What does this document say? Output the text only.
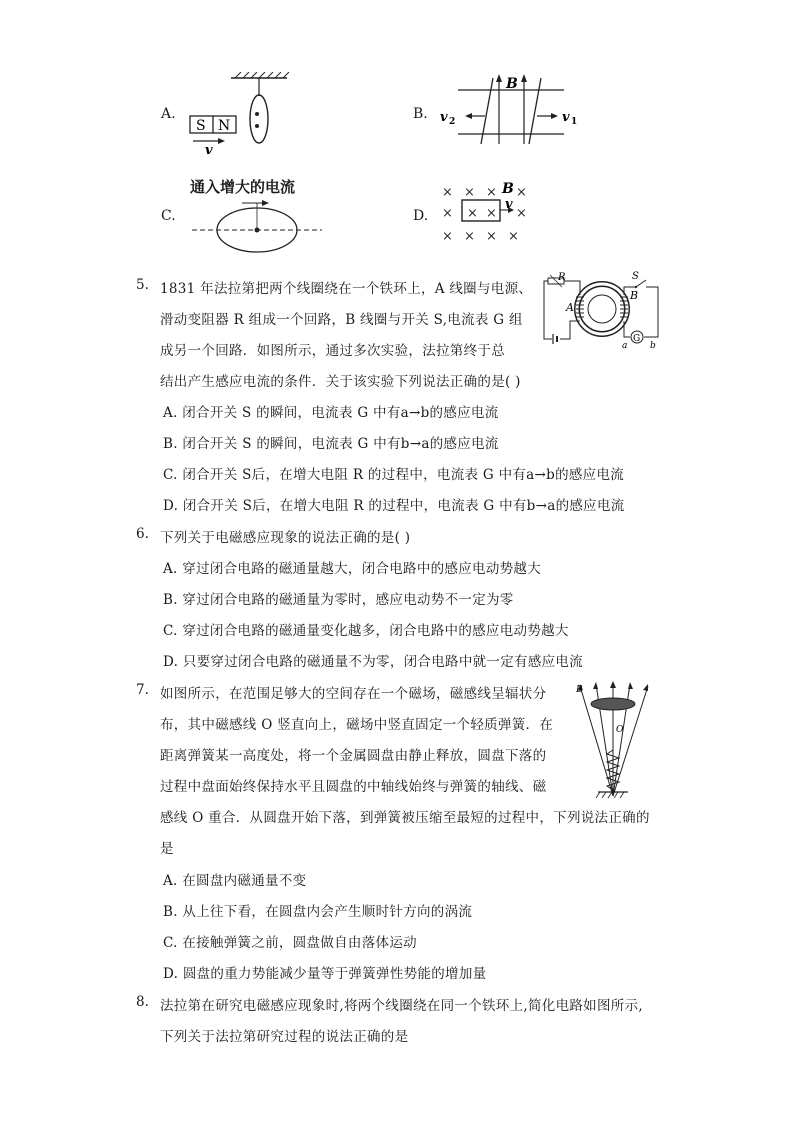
A.
S N
v
B.
B
v 2	v 1
C.
通入增大的电流
D.
× × × ×
×	×
× × × ×
× ×
B
v
5. 1831 年法拉第把两个线圈绕在一个铁环上，A 线圈与电源、
滑动变阻器 R 组成一个回路，B 线圈与开关 S,电流表 G 组
成另一个回路．如图所示，通过多次实验，法拉第终于总
结出产生感应电流的条件．关于该实验下列说法正确的是( )
A. 闭合开关 S 的瞬间，电流表 G 中有a→b的感应电流
B. 闭合开关 S 的瞬间，电流表 G 中有b→a的感应电流
C. 闭合开关 S后，在增大电阻 R 的过程中，电流表 G 中有a→b的感应电流
D. 闭合开关 S后，在增大电阻 R 的过程中，电流表 G 中有b→a的感应电流
A
B
R	S
G
a	b
6. 下列关于电磁感应现象的说法正确的是( )
A. 穿过闭合电路的磁通量越大，闭合电路中的感应电动势越大
B. 穿过闭合电路的磁通量为零时，感应电动势不一定为零
C. 穿过闭合电路的磁通量变化越多，闭合电路中的感应电动势越大
D. 只要穿过闭合电路的磁通量不为零，闭合电路中就一定有感应电流
7. 如图所示，在范围足够大的空间存在一个磁场，磁感线呈辐状分
布，其中磁感线 O 竖直向上，磁场中竖直固定一个轻质弹簧．在
距离弹簧某一高度处，将一个金属圆盘由静止释放，圆盘下落的
过程中盘面始终保持水平且圆盘的中轴线始终与弹簧的轴线、磁
感线 O 重合．从圆盘开始下落，到弹簧被压缩至最短的过程中，下列说法正确的
是
A. 在圆盘内磁通量不变
B. 从上往下看，在圆盘内会产生顺时针方向的涡流
C. 在接触弹簧之前，圆盘做自由落体运动
D. 圆盘的重力势能减少量等于弹簧弹性势能的增加量
B
O
8. 法拉第在研究电磁感应现象时,将两个线圈绕在同一个铁环上,简化电路如图所示,
下列关于法拉第研究过程的说法正确的是
